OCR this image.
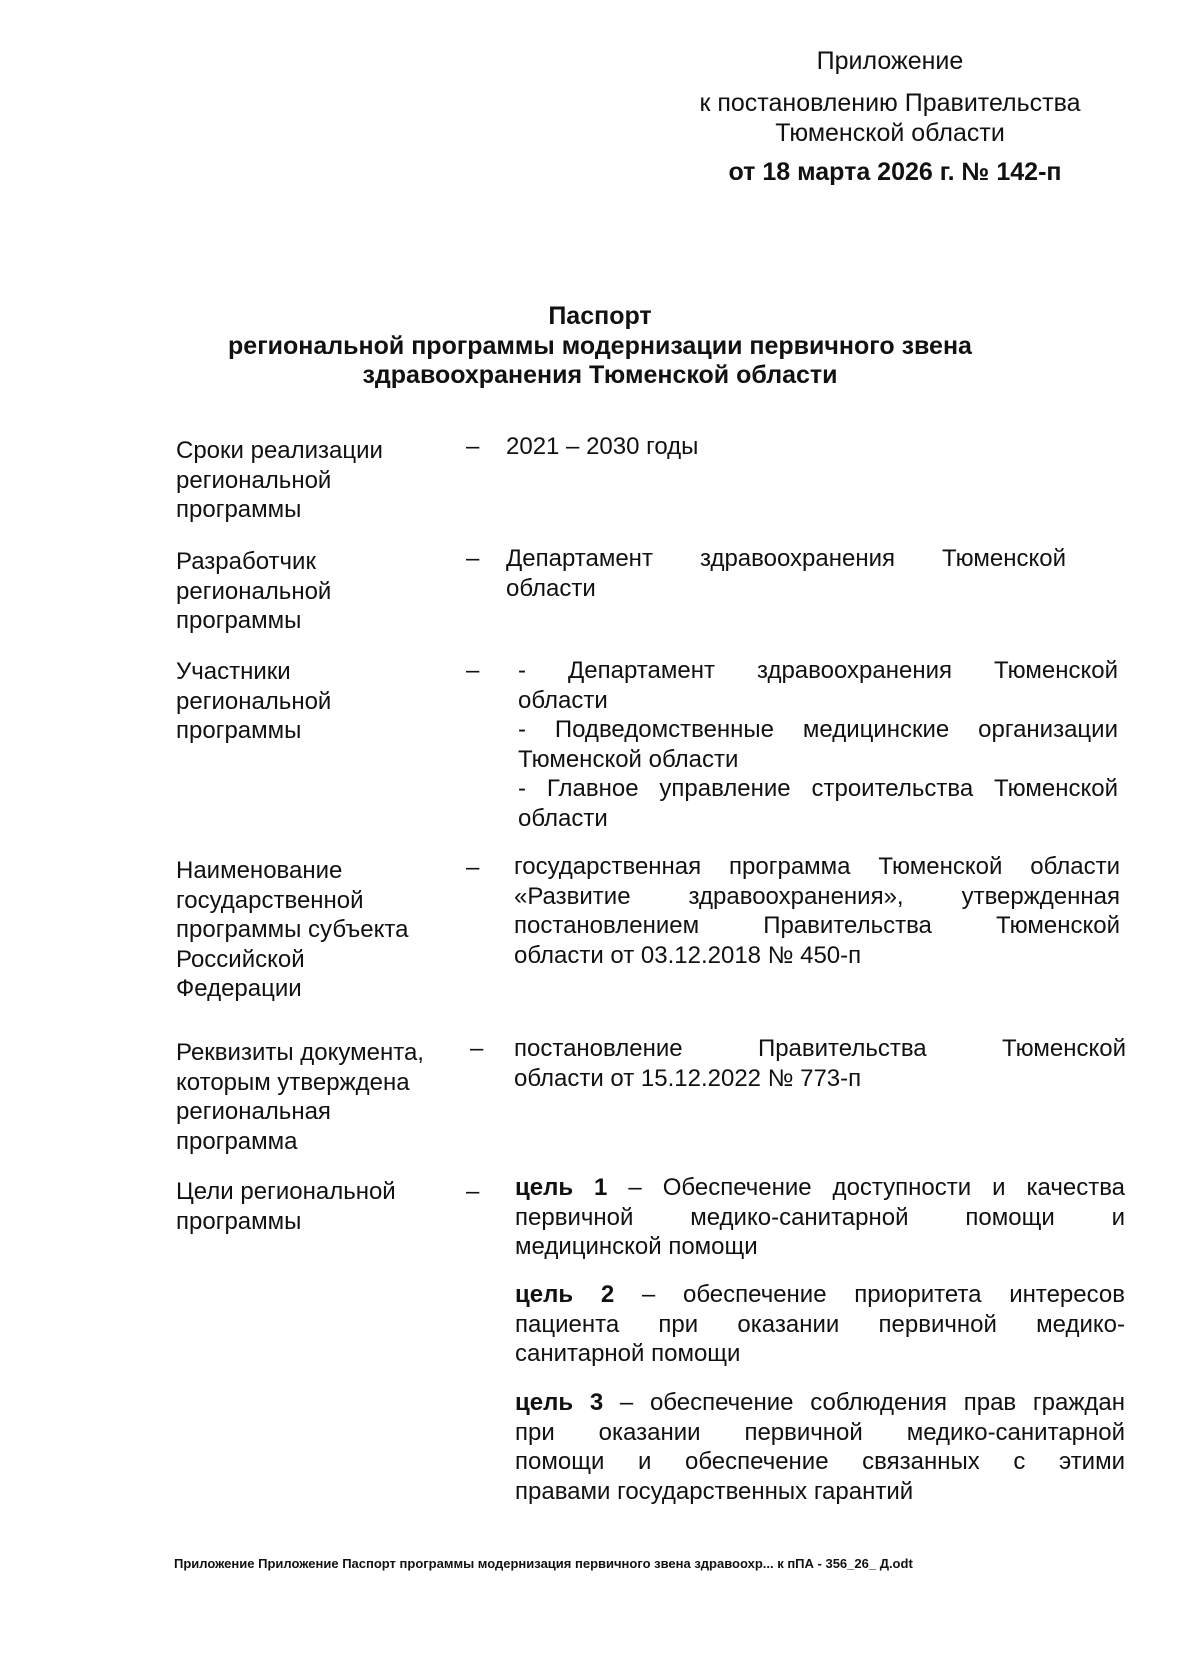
Приложение
к постановлению Правительства
Тюменской области
от 18 марта 2026 г. № 142-п
Паспорт
региональной программы модернизации первичного звена
здравоохранения Тюменской области
Сроки реализации
региональной
программы
– 2021 – 2030 годы
Разработчик
региональной
программы
– Департамент здравоохранения Тюменской
области
Участники
региональной
программы
– - Департамент здравоохранения Тюменской
области
- Подведомственные медицинские организации
Тюменской области
- Главное управление строительства Тюменской
области
Наименование
государственной
программы субъекта
Российской
Федерации
– государственная программа Тюменской области
«Развитие здравоохранения», утвержденная
постановлением Правительства Тюменской
области от 03.12.2018 № 450-п
Реквизиты документа,
которым утверждена
региональная
программа
– постановление Правительства Тюменской
области от 15.12.2022 № 773-п
Цели региональной
программы
– цель 1 – Обеспечение доступности и качества
первичной медико-санитарной помощи и
медицинской помощи
цель 2 – обеспечение приоритета интересов
пациента при оказании первичной медико-
санитарной помощи
цель 3 – обеспечение соблюдения прав граждан
при оказании первичной медико-санитарной
помощи и обеспечение связанных с этими
правами государственных гарантий
Приложение Приложение Паспорт программы модернизация первичного звена здравоохр... к пПА - 356_26_ Д.odt
